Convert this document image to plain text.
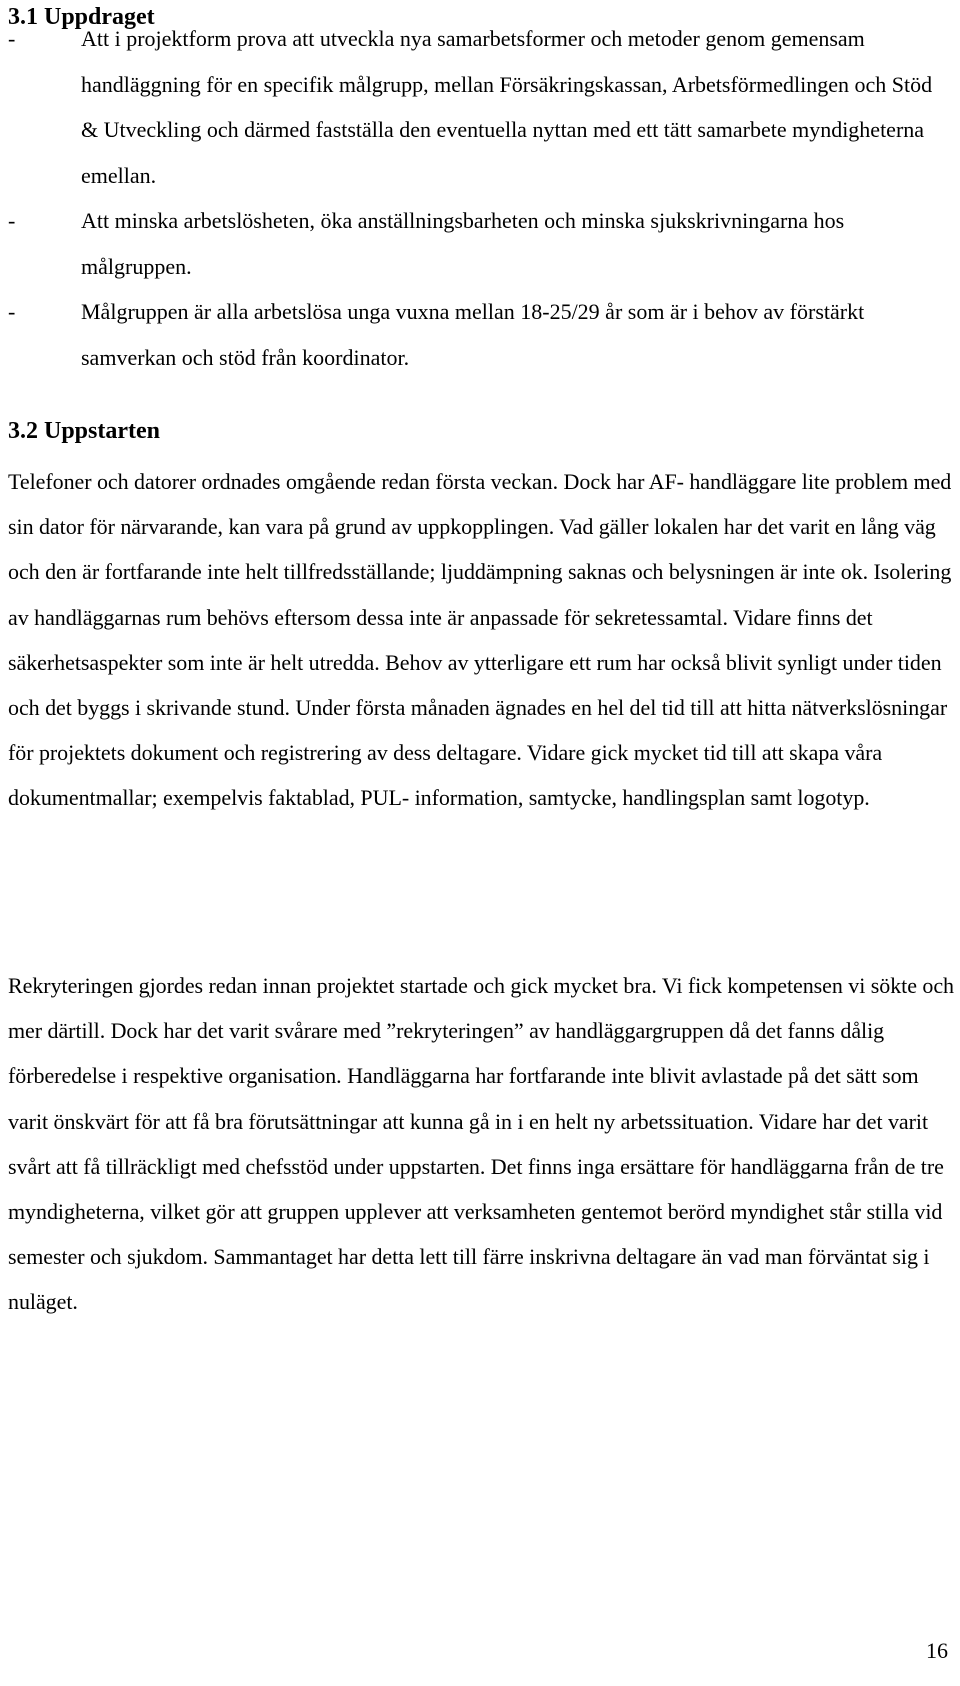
3.1 Uppdraget
-	Att i projektform prova att utveckla nya samarbetsformer och metoder genom gemensam handläggning för en specifik målgrupp, mellan Försäkringskassan, Arbetsförmedlingen och Stöd & Utveckling och därmed fastställa den eventuella nyttan med ett tätt samarbete myndigheterna emellan.
-	Att minska arbetslösheten, öka anställningsbarheten och minska sjukskrivningarna hos målgruppen.
-	Målgruppen är alla arbetslösa unga vuxna mellan 18-25/29 år som är i behov av förstärkt samverkan och stöd från koordinator.
3.2 Uppstarten

Telefoner och datorer ordnades omgående redan första veckan. Dock har AF- handläggare lite problem med sin dator för närvarande, kan vara på grund av uppkopplingen. Vad gäller lokalen har det varit en lång väg och den är fortfarande inte helt tillfredsställande; ljuddämpning saknas och belysningen är inte ok. Isolering av handläggarnas rum behövs eftersom dessa inte är anpassade för sekretessamtal. Vidare finns det säkerhetsaspekter som inte är helt utredda. Behov av ytterligare ett rum har också blivit synligt under tiden och det byggs i skrivande stund. Under första månaden ägnades en hel del tid till att hitta nätverkslösningar för projektets dokument och registrering av dess deltagare. Vidare gick mycket tid till att skapa våra dokumentmallar; exempelvis faktablad, PUL- information, samtycke, handlingsplan samt logotyp.

Rekryteringen gjordes redan innan projektet startade och gick mycket bra. Vi fick kompetensen vi sökte och mer därtill. Dock har det varit svårare med ”rekryteringen” av handläggargruppen då det fanns dålig förberedelse i respektive organisation. Handläggarna har fortfarande inte blivit avlastade på det sätt som varit önskvärt för att få bra förutsättningar att kunna gå in i en helt ny arbetssituation. Vidare har det varit svårt att få tillräckligt med chefsstöd under uppstarten. Det finns inga ersättare för handläggarna från de tre myndigheterna, vilket gör att gruppen upplever att verksamheten gentemot berörd myndighet står stilla vid semester och sjukdom. Sammantaget har detta lett till färre inskrivna deltagare än vad man förväntat sig i nuläget.

16
